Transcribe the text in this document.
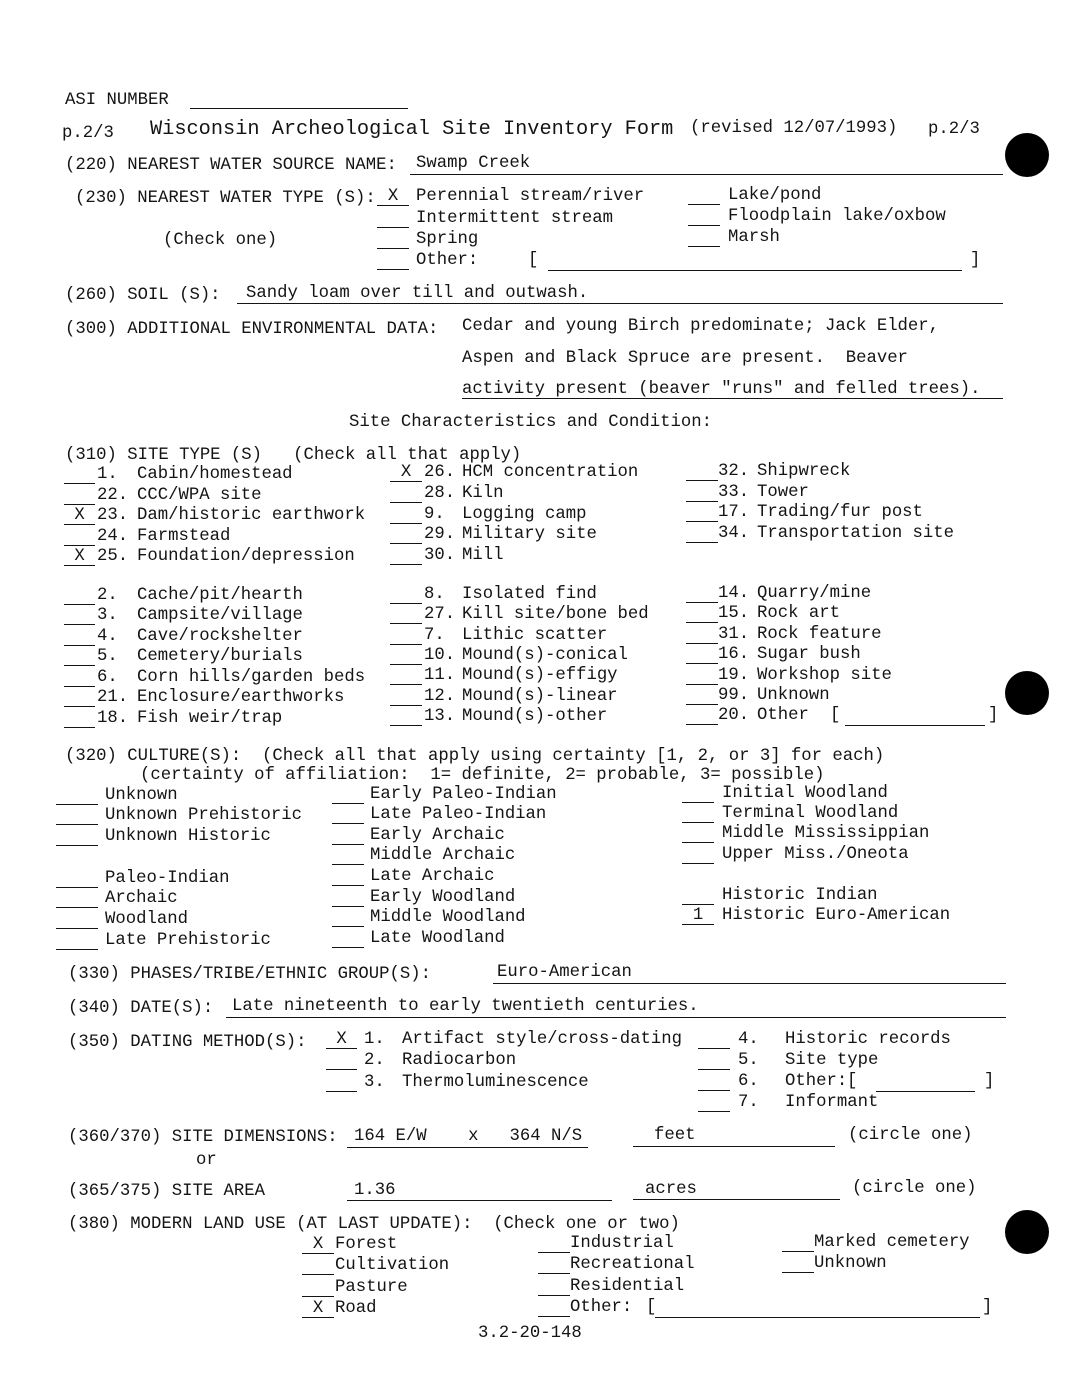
ASI NUMBER
p.2/3 Wisconsin Archeological Site Inventory Form (revised 12/07/1993) p.2/3
(220) NEAREST WATER SOURCE NAME: Swamp Creek
(230) NEAREST WATER TYPE (S):
(Check one)
(260) SOIL (S): Sandy loam over till and outwash.
(300) ADDITIONAL ENVIRONMENTAL DATA: Cedar and young Birch predominate; Jack Elder,
Aspen and Black Spruce are present.  Beaver
activity present (beaver "runs" and felled trees).
Site Characteristics and Condition:
(310) SITE TYPE (S)   (Check all that apply)
(320) CULTURE(S):  (Check all that apply using certainty [1, 2, or 3] for each)
(certainty of affiliation:  1= definite, 2= probable, 3= possible)
(330) PHASES/TRIBE/ETHNIC GROUP(S):	Euro-American
(340) DATE(S): Late nineteenth to early twentieth centuries.
(350) DATING METHOD(S):
(360/370) SITE DIMENSIONS: 164 E/W    x   364 N/S	feet	(circle one)
or
(365/375) SITE AREA	1.36	acres	(circle one)
(380) MODERN LAND USE (AT LAST UPDATE):  (Check one or two)
3.2-20-148
X	Perennial stream/river
Intermittent stream
Spring
Other:	[	]
Lake/pond
Floodplain lake/oxbow
Marsh
1. Cabin/homestead
22. CCC/WPA site
X 23. Dam/historic earthwork
24. Farmstead
X 25. Foundation/depression
X 26. HCM concentration
28. Kiln
9. Logging camp
29. Military site
30. Mill
32. Shipwreck
33. Tower
17. Trading/fur post
34. Transportation site
2. Cache/pit/hearth
3. Campsite/village
4. Cave/rockshelter
5. Cemetery/burials
6. Corn hills/garden beds
21. Enclosure/earthworks
18. Fish weir/trap
8. Isolated find
27. Kill site/bone bed
7. Lithic scatter
10. Mound(s)-conical
11. Mound(s)-effigy
12. Mound(s)-linear
13. Mound(s)-other
14. Quarry/mine
15. Rock art
31. Rock feature
16. Sugar bush
19. Workshop site
99. Unknown
20. Other [	]
Unknown
Unknown Prehistoric
Unknown Historic
Paleo-Indian
Archaic
Woodland
Late Prehistoric
Early Paleo-Indian
Late Paleo-Indian
Early Archaic
Middle Archaic
Late Archaic
Early Woodland
Middle Woodland
Late Woodland
Initial Woodland
Terminal Woodland
Middle Mississippian
Upper Miss./Oneota
Historic Indian
1	Historic Euro-American
X	1. Artifact style/cross-dating
2. Radiocarbon
3. Thermoluminescence
4. Historic records
5. Site type
6. Other: [	]
7. Informant
X Forest
Cultivation
Pasture
X Road
Industrial
Recreational
Residential
Other: [	]
Marked cemetery
Unknown
